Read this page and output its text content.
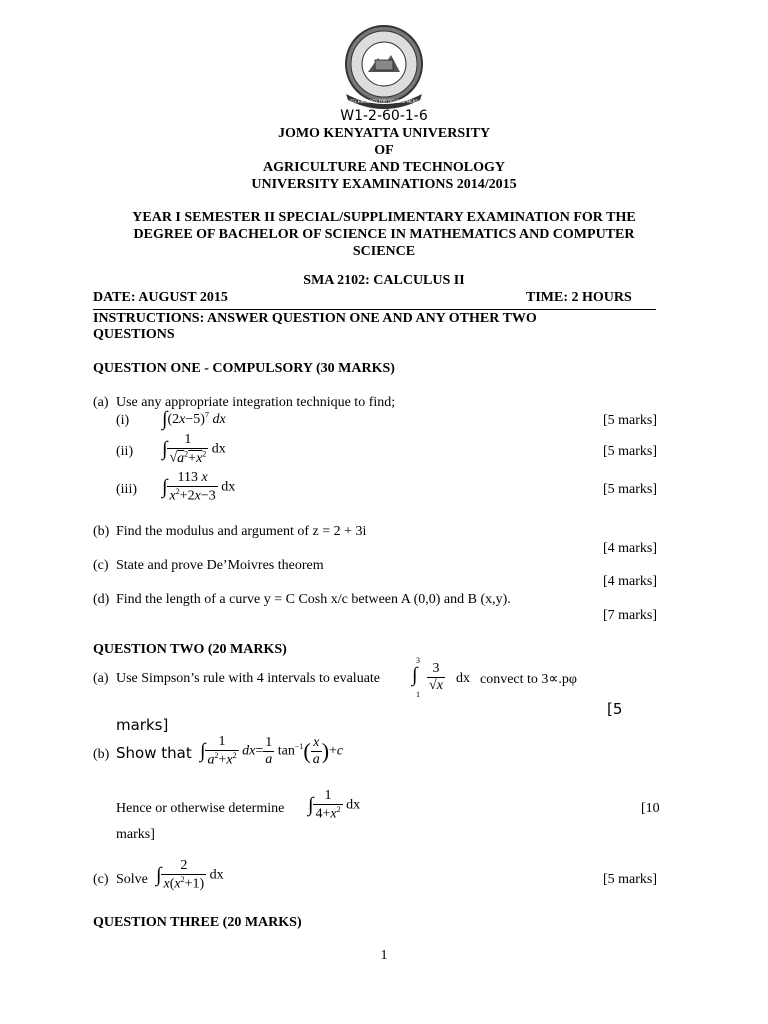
TECHNOLOGY FOR DEVELOPMENT
W1-2-60-1-6
JOMO KENYATTA UNIVERSITY
OF
AGRICULTURE AND TECHNOLOGY
UNIVERSITY EXAMINATIONS 2014/2015
YEAR I SEMESTER II SPECIAL/SUPPLIMENTARY EXAMINATION FOR THE
DEGREE OF BACHELOR OF SCIENCE IN MATHEMATICS AND COMPUTER
SCIENCE
SMA 2102: CALCULUS II
DATE: AUGUST 2015	TIME: 2 HOURS
INSTRUCTIONS: ANSWER QUESTION ONE AND ANY OTHER TWO
QUESTIONS
QUESTION ONE - COMPULSORY (30 MARKS)
(a) Use any appropriate integration technique to find;
(i) $\int(2x-5)^7$ dx	[5 marks]
(ii) ∫ $\frac{1}{√a^2+x^2}$ dx	[5 marks]
(iii) ∫ $\frac{113 x}{x^2+2x-3}$ dx	[5 marks]
(b) Find the modulus and argument of z = 2 + 3i
[4 marks]
(c) State and prove De’Moivres theorem
[4 marks]
(d) Find the length of a curve y = C Cosh x/c between A (0,0) and B (x,y).
[7 marks]
QUESTION TWO (20 MARKS)
(a) Use Simpson’s rule with 4 intervals to evaluate
3
∫
1
$\frac{3}{√x}$ dx convect to 3∝.pφ
[5
marks]
(b) Show that ∫ $\frac{1}{a^2+x^2} dx= \frac{1}{a} \tan^{-1}( \frac{x}{a} )+c$
Hence or otherwise determine ∫ $\frac{1}{4+x^2}$ dx	[10
marks]
(c) Solve ∫ $\frac{2}{x(x^2+1)}$ dx	[5 marks]
QUESTION THREE (20 MARKS)
1
